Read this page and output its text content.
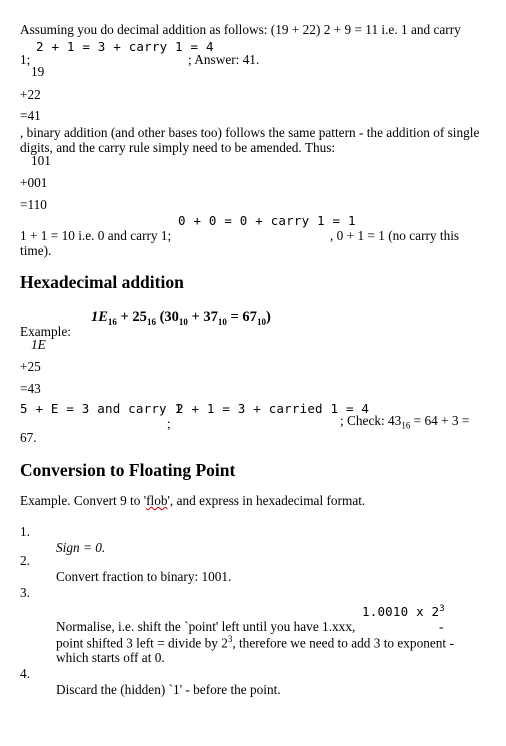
Assuming you do decimal addition as follows: (19 + 22) 2 + 9 = 11 i.e. 1 and carry
1;
2 + 1 = 3 + carry 1 = 4
; Answer: 41.
19
+22
=41
, binary addition (and other bases too) follows the same pattern - the addition of single digits, and the carry rule simply need to be amended. Thus:
101
+001
=110
1 + 1 = 10 i.e. 0 and carry 1;
0 + 0 = 0 + carry 1 = 1
, 0 + 1 = 1 (no carry this
time).
Hexadecimal addition
$1E_{16} + 25_{16}$ $(30_{10} + 37_{10} = 67_{10})$
Example:
1E
+25
=43
5 + E = 3 and carry 1
;
2 + 1 = 3 + carried 1 = 4
; Check: $43_{16} = 64 + 3$ =
67.
Conversion to Floating Point
Example. Convert 9 to 'flob', and express in hexadecimal format.
1.
Sign = 0.
2.
Convert fraction to binary: 1001.
3.
1.0010 x $2^3$
Normalise, i.e. shift the `point' left until you have 1.xxx,	-
point shifted 3 left = divide by $2^3$, therefore we need to add 3 to exponent -
which starts off at 0.
4.
Discard the (hidden) `1' - before the point.
